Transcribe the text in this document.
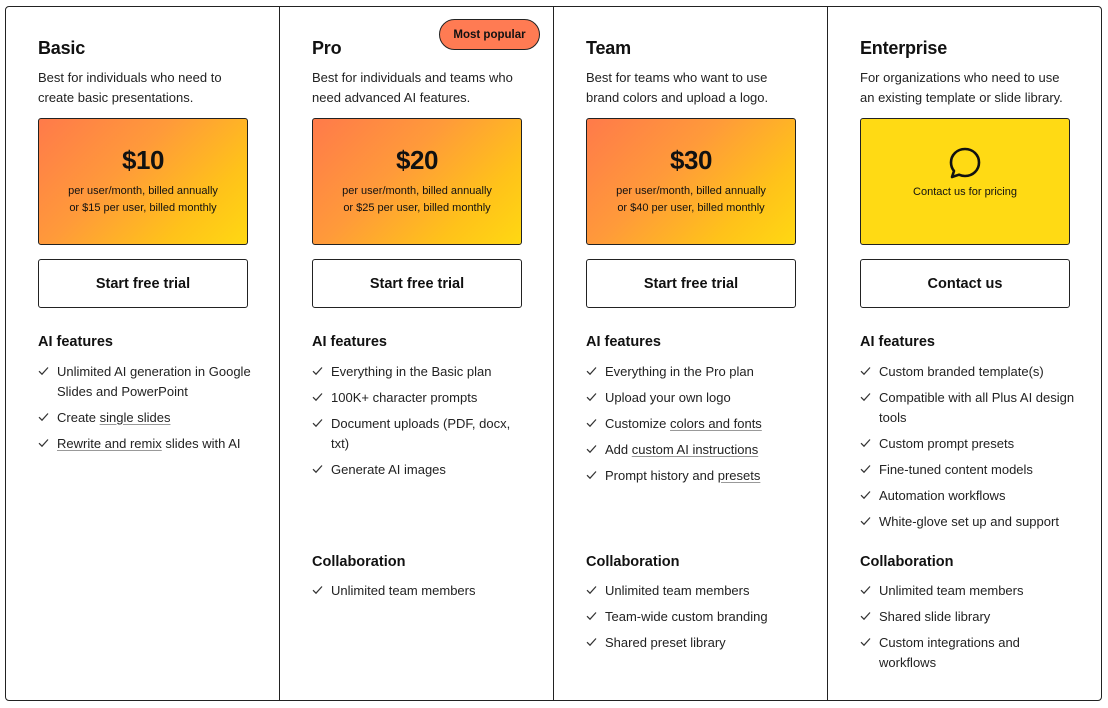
Basic
Best for individuals who need to create basic presentations.
$10
per user/month, billed annually
or $15 per user, billed monthly
Start free trial
AI features
Unlimited AI generation in Google Slides and PowerPoint
Create single slides
Rewrite and remix slides with AI
Most popular
Pro
Best for individuals and teams who need advanced AI features.
$20
per user/month, billed annually
or $25 per user, billed monthly
Start free trial
AI features
Everything in the Basic plan
100K+ character prompts
Document uploads (PDF, docx, txt)
Generate AI images
Collaboration
Unlimited team members
Team
Best for teams who want to use brand colors and upload a logo.
$30
per user/month, billed annually
or $40 per user, billed monthly
Start free trial
AI features
Everything in the Pro plan
Upload your own logo
Customize colors and fonts
Add custom AI instructions
Prompt history and presets
Collaboration
Unlimited team members
Team-wide custom branding
Shared preset library
Enterprise
For organizations who need to use an existing template or slide library.
Contact us for pricing
Contact us
AI features
Custom branded template(s)
Compatible with all Plus AI design tools
Custom prompt presets
Fine-tuned content models
Automation workflows
White-glove set up and support
Collaboration
Unlimited team members
Shared slide library
Custom integrations and workflows
